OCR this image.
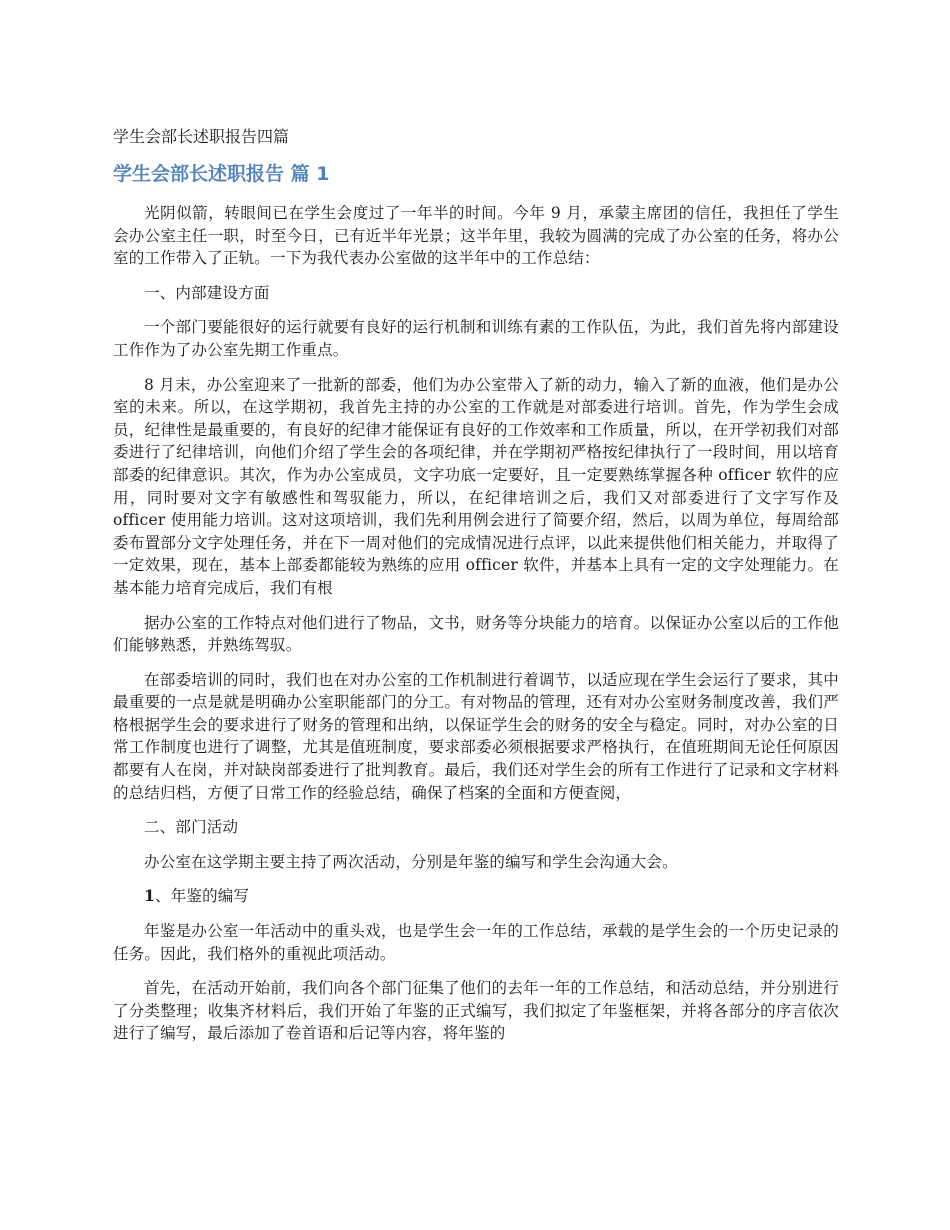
学生会部长述职报告四篇
学生会部长述职报告 篇 1

光阴似箭，转眼间已在学生会度过了一年半的时间。今年 9 月，承蒙主席团的信任，我担任了学生会办公室主任一职，时至今日，已有近半年光景；这半年里，我较为圆满的完成了办公室的任务，将办公室的工作带入了正轨。一下为我代表办公室做的这半年中的工作总结：

一、内部建设方面

一个部门要能很好的运行就要有良好的运行机制和训练有素的工作队伍，为此，我们首先将内部建设工作作为了办公室先期工作重点。

8 月末，办公室迎来了一批新的部委，他们为办公室带入了新的动力，输入了新的血液，他们是办公室的未来。所以，在这学期初，我首先主持的办公室的工作就是对部委进行培训。首先，作为学生会成员，纪律性是最重要的，有良好的纪律才能保证有良好的工作效率和工作质量，所以，在开学初我们对部委进行了纪律培训，向他们介绍了学生会的各项纪律，并在学期初严格按纪律执行了一段时间，用以培育部委的纪律意识。其次，作为办公室成员，文字功底一定要好，且一定要熟练掌握各种 officer 软件的应用，同时要对文字有敏感性和驾驭能力，所以，在纪律培训之后，我们又对部委进行了文字写作及 officer 使用能力培训。这对这项培训，我们先利用例会进行了简要介绍，然后，以周为单位，每周给部委布置部分文字处理任务，并在下一周对他们的完成情况进行点评，以此来提供他们相关能力，并取得了一定效果，现在，基本上部委都能较为熟练的应用 officer 软件，并基本上具有一定的文字处理能力。在基本能力培育完成后，我们有根

据办公室的工作特点对他们进行了物品，文书，财务等分块能力的培育。以保证办公室以后的工作他们能够熟悉，并熟练驾驭。

在部委培训的同时，我们也在对办公室的工作机制进行着调节，以适应现在学生会运行了要求，其中最重要的一点是就是明确办公室职能部门的分工。有对物品的管理，还有对办公室财务制度改善，我们严格根据学生会的要求进行了财务的管理和出纳，以保证学生会的财务的安全与稳定。同时，对办公室的日常工作制度也进行了调整，尤其是值班制度，要求部委必须根据要求严格执行，在值班期间无论任何原因都要有人在岗，并对缺岗部委进行了批判教育。最后，我们还对学生会的所有工作进行了记录和文字材料的总结归档，方便了日常工作的经验总结，确保了档案的全面和方便查阅，

二、部门活动

办公室在这学期主要主持了两次活动，分别是年鉴的编写和学生会沟通大会。

1、年鉴的编写

年鉴是办公室一年活动中的重头戏，也是学生会一年的工作总结，承载的是学生会的一个历史记录的任务。因此，我们格外的重视此项活动。

首先，在活动开始前，我们向各个部门征集了他们的去年一年的工作总结，和活动总结，并分别进行了分类整理；收集齐材料后，我们开始了年鉴的正式编写，我们拟定了年鉴框架，并将各部分的序言依次进行了编写，最后添加了卷首语和后记等内容，将年鉴的
